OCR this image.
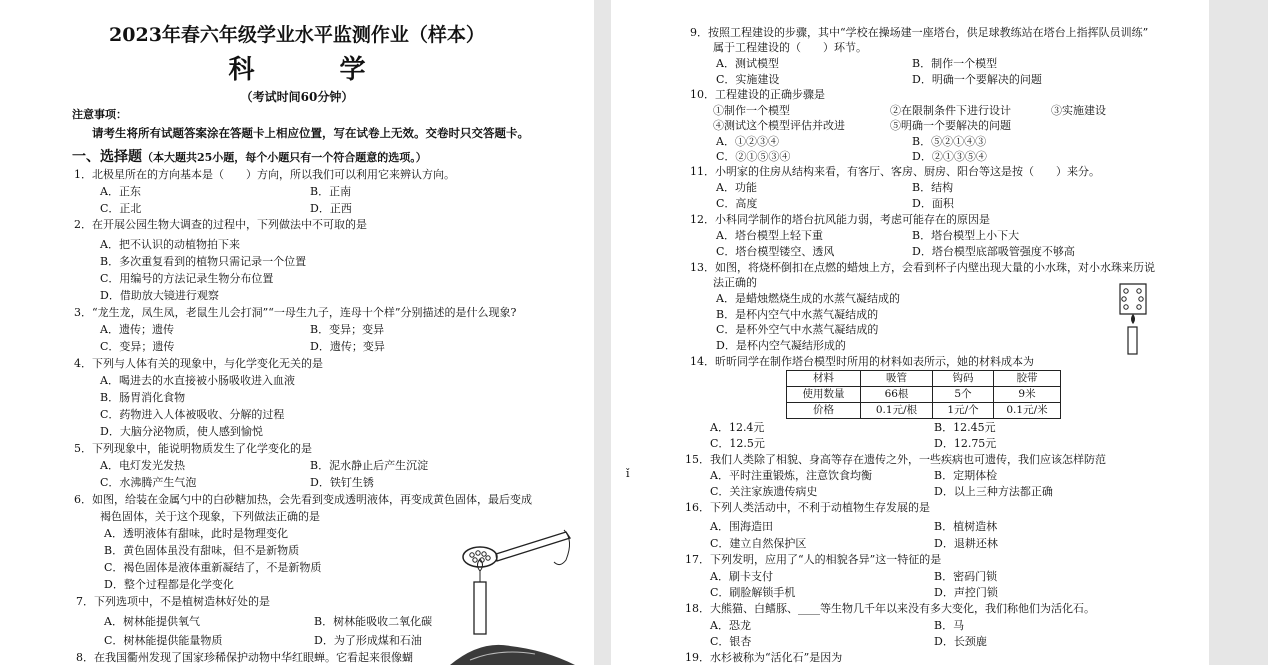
2023年春六年级学业水平监测作业（样本）
科 学
（考试时间60分钟）
注意事项：
请考生将所有试题答案涂在答题卡上相应位置，写在试卷上无效。交卷时只交答题卡。
一、选择题（本大题共25小题，每个小题只有一个符合题意的选项。）
1．北极星所在的方向基本是（　　）方向，所以我们可以利用它来辨认方向。
A．正东	B．正南
C．正北	D．正西
2．在开展公园生物大调查的过程中，下列做法中不可取的是
A．把不认识的动植物拍下来
B．多次重复看到的植物只需记录一个位置
C．用编号的方法记录生物分布位置
D．借助放大镜进行观察
3．“龙生龙，凤生凤，老鼠生儿会打洞”“一母生九子，连母十个样”分别描述的是什么现象?
A．遗传；遗传	B．变异；变异
C．变异；遗传	D．遗传；变异
4．下列与人体有关的现象中，与化学变化无关的是
A．喝进去的水直接被小肠吸收进入血液
B．肠胃消化食物
C．药物进入人体被吸收、分解的过程
D．大脑分泌物质，使人感到愉悦
5．下列现象中，能说明物质发生了化学变化的是
A．电灯发光发热	B．泥水静止后产生沉淀
C．水沸腾产生气泡	D．铁钉生锈
6．如图，给装在金属勺中的白砂糖加热，会先看到变成透明液体，再变成黄色固体，最后变成
褐色固体，关于这个现象，下列做法正确的是
A．透明液体有甜味，此时是物理变化
B．黄色固体虽没有甜味，但不是新物质
C．褐色固体是液体重新凝结了，不是新物质
D．整个过程都是化学变化
7．下列选项中，不是植树造林好处的是
A．树林能提供氧气	B．树林能吸收二氧化碳
C．树林能提供能量物质	D．为了形成煤和石油
8．在我国衢州发现了国家珍稀保护动物中华红眼蝉。它看起来很像蝴
9．按照工程建设的步骤，其中“学校在操场建一座塔台，供足球教练站在塔台上指挥队员训练”
属于工程建设的（　　）环节。
A．测试模型	B．制作一个模型
C．实施建设	D．明确一个要解决的问题
10．工程建设的正确步骤是
①制作一个模型	②在限制条件下进行设计	③实施建设
④测试这个模型评估并改进	⑤明确一个要解决的问题
A．①②③④	B．⑤②①④③
C．②①⑤③④	D．②①③⑤④
11．小明家的住房从结构来看，有客厅、客房、厨房、阳台等这是按（　　）来分。
A．功能	B．结构
C．高度	D．面积
12．小科同学制作的塔台抗风能力弱，考虑可能存在的原因是
A．塔台模型上轻下重	B．塔台模型上小下大
C．塔台模型镂空、透风	D．塔台模型底部吸管强度不够高
13．如图，将烧杯倒扣在点燃的蜡烛上方，会看到杯子内壁出现大量的小水珠，对小水珠来历说
法正确的
A．是蜡烛燃烧生成的水蒸气凝结成的
B．是杯内空气中水蒸气凝结成的
C．是杯外空气中水蒸气凝结成的
D．是杯内空气凝结形成的
14．昕昕同学在制作塔台模型时所用的材料如表所示，她的材料成本为
材料	吸管	钩码	胶带
使用数量	66根	5个	9米
价格	0.1元/根	1元/个	0.1元/米
A．12.4元	B．12.45元
C．12.5元	D．12.75元
ǐ
15．我们人类除了相貌、身高等存在遗传之外，一些疾病也可遗传，我们应该怎样防范
A．平时注重锻炼，注意饮食均衡	B．定期体检
C．关注家族遗传病史	D．以上三种方法都正确
16．下列人类活动中，不利于动植物生存发展的是
A．围海造田	B．植树造林
C．建立自然保护区	D．退耕还林
17．下列发明，应用了“人的相貌各异”这一特征的是
A．刷卡支付	B．密码门锁
C．刷脸解锁手机	D．声控门锁
18．大熊猫、白鳍豚、____等生物几千年以来没有多大变化，我们称他们为活化石。
A．恐龙	B．马
C．银杏	D．长颈鹿
19．水杉被称为“活化石”是因为
